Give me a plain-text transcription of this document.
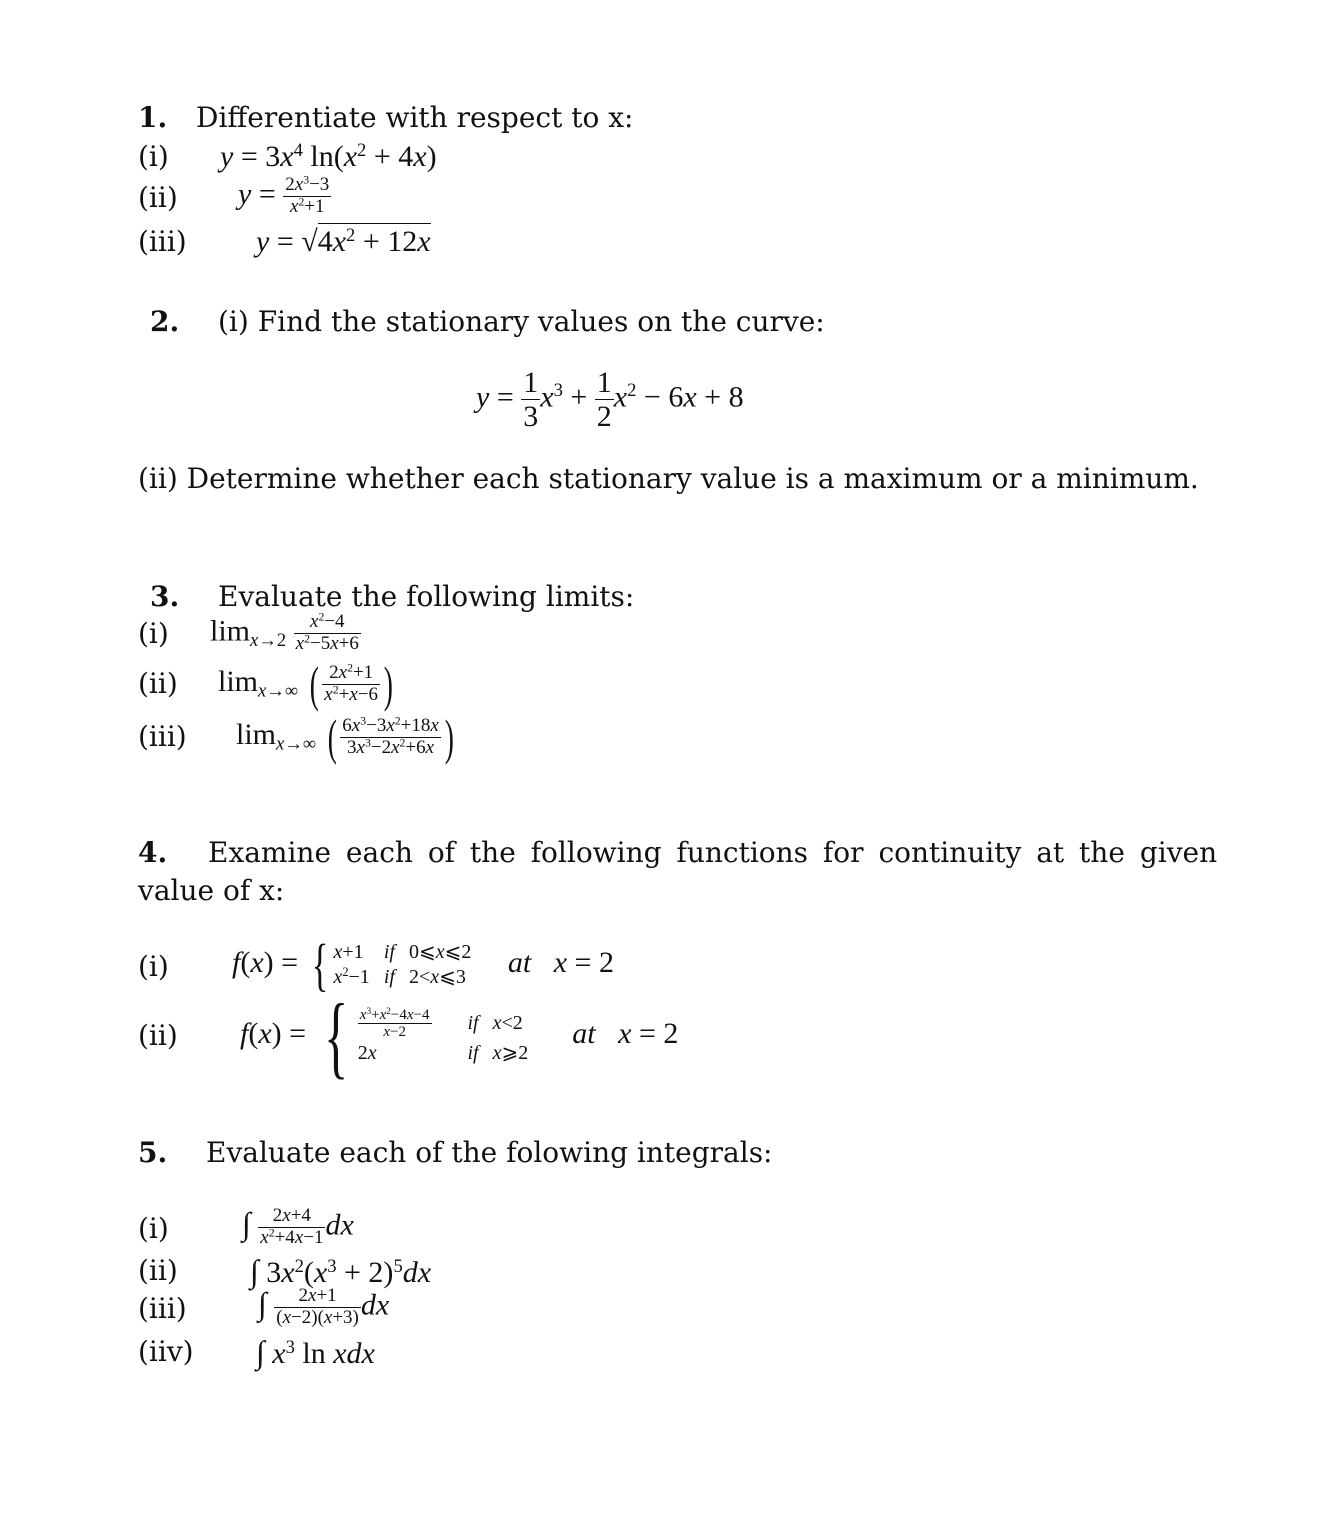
1. Differentiate with respect to x:
(i) $y = 3x^4$ $\ln(x^2 + 4x)$
(ii) $y = \frac{2x^3-3}{x^2+1}$
(iii) $y = √4x^2 + 12x$
2. (i) Find the stationary values on the curve:
$y = \frac{1}{3} x^3 + \frac{1}{2} x^2 - 6x + 8$
(ii) Determine whether each stationary value is a maximum or a minimum.
3. Evaluate the following limits:
(i) $\lim_{x\to 2} \frac{x^2-4}{x^2-5x+6}$
(ii) $\lim_{x\to\infty}$ ( $\frac{2x^2+1}{x^2+x-6}$ )
(iii) $\lim_{x\to\infty}$ ( $\frac{6x^3-3x^2+18x}{3x^3-2x^2+6x}$ )
4. Examine each of the following functions for continuity at the given
value of x:
(i) f(x) = { x+1	if	0⩽x⩽2
$x^2-1$	if	2<x⩽3 at x = 2
(ii) f(x) = { $\frac{x^3+x^2-4x-4}{x-2}$	if	x<2
2x	if	x⩾2
at x = 2
5. Evaluate each of the folowing integrals:
(i) ∫ $\frac{2x+4}{x^2+4x-1}$ dx
(ii) ∫ $3x^2(x^3 + 2)^5dx$
(iii) ∫ $\frac{2x+1}{(x-2)(x+3)}$ dx
(iiv) ∫ $x^3$ ln xdx
